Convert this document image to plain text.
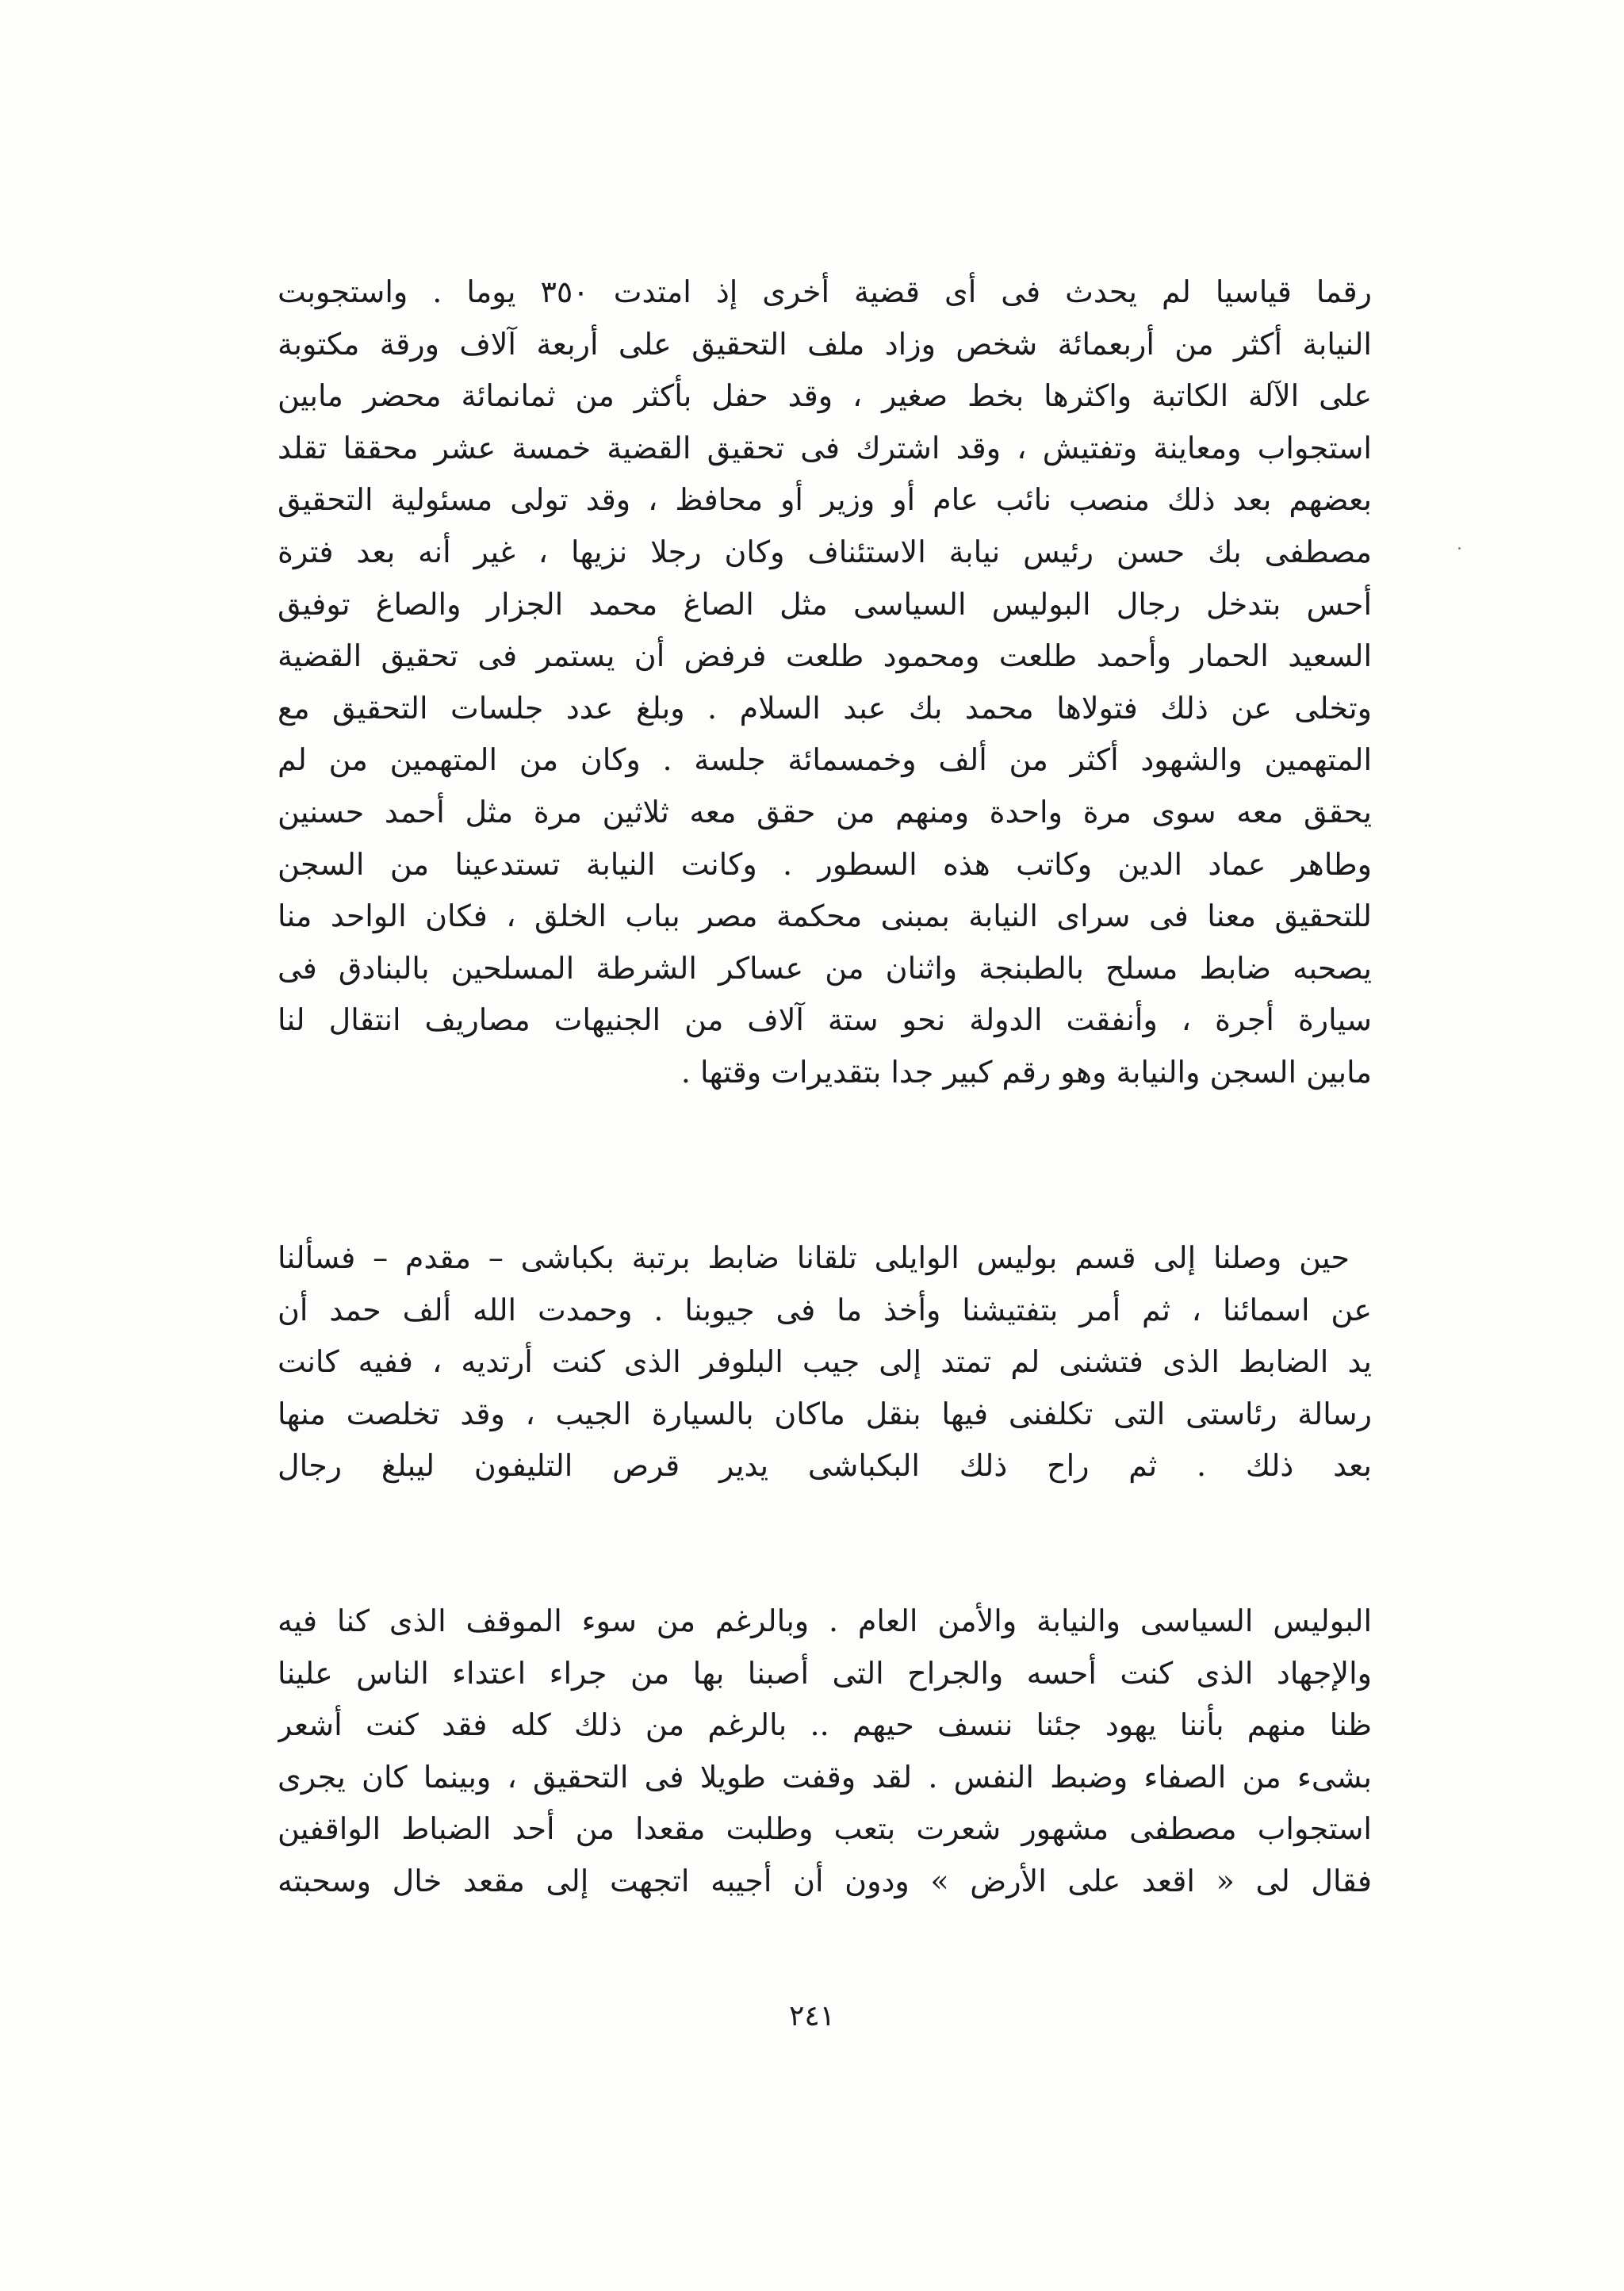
رقما قياسيا لم يحدث فى أى قضية أخرى إذ امتدت ٣٥٠ يوما . واستجوبت
النيابة أكثر من أربعمائة شخص وزاد ملف التحقيق على أربعة آلاف ورقة مكتوبة
على الآلة الكاتبة واكثرها بخط صغير ، وقد حفل بأكثر من ثمانمائة محضر مابين
استجواب ومعاينة وتفتيش ، وقد اشترك فى تحقيق القضية خمسة عشر محققا تقلد
بعضهم بعد ذلك منصب نائب عام أو وزير أو محافظ ، وقد تولى مسئولية التحقيق
مصطفى بك حسن رئيس نيابة الاستئناف وكان رجلا نزيها ، غير أنه بعد فترة
أحس بتدخل رجال البوليس السياسى مثل الصاغ محمد الجزار والصاغ توفيق
السعيد الحمار وأحمد طلعت ومحمود طلعت فرفض أن يستمر فى تحقيق القضية
وتخلى عن ذلك فتولاها محمد بك عبد السلام . وبلغ عدد جلسات التحقيق مع
المتهمين والشهود أكثر من ألف وخمسمائة جلسة . وكان من المتهمين من لم
يحقق معه سوى مرة واحدة ومنهم من حقق معه ثلاثين مرة مثل أحمد حسنين
وطاهر عماد الدين وكاتب هذه السطور . وكانت النيابة تستدعينا من السجن
للتحقيق معنا فى سراى النيابة بمبنى محكمة مصر بباب الخلق ، فكان الواحد منا
يصحبه ضابط مسلح بالطبنجة واثنان من عساكر الشرطة المسلحين بالبنادق فى
سيارة أجرة ، وأنفقت الدولة نحو ستة آلاف من الجنيهات مصاريف انتقال لنا
مابين السجن والنيابة وهو رقم كبير جدا بتقديرات وقتها .
حين وصلنا إلى قسم بوليس الوايلى تلقانا ضابط برتبة بكباشى – مقدم – فسألنا
عن اسمائنا ، ثم أمر بتفتيشنا وأخذ ما فى جيوبنا . وحمدت الله ألف حمد أن
يد الضابط الذى فتشنى لم تمتد إلى جيب البلوفر الذى كنت أرتديه ، ففيه كانت
رسالة رئاستى التى تكلفنى فيها بنقل ماكان بالسيارة الجيب ، وقد تخلصت منها
بعد ذلك . ثم راح ذلك البكباشى يدير قرص التليفون ليبلغ رجال
البوليس السياسى والنيابة والأمن العام . وبالرغم من سوء الموقف الذى كنا فيه
والإجهاد الذى كنت أحسه والجراح التى أصبنا بها من جراء اعتداء الناس علينا
ظنا منهم بأننا يهود جئنا ننسف حيهم .. بالرغم من ذلك كله فقد كنت أشعر
بشىء من الصفاء وضبط النفس . لقد وقفت طويلا فى التحقيق ، وبينما كان يجرى
استجواب مصطفى مشهور شعرت بتعب وطلبت مقعدا من أحد الضباط الواقفين
فقال لى « اقعد على الأرض » ودون أن أجيبه اتجهت إلى مقعد خال وسحبته
٢٤١
